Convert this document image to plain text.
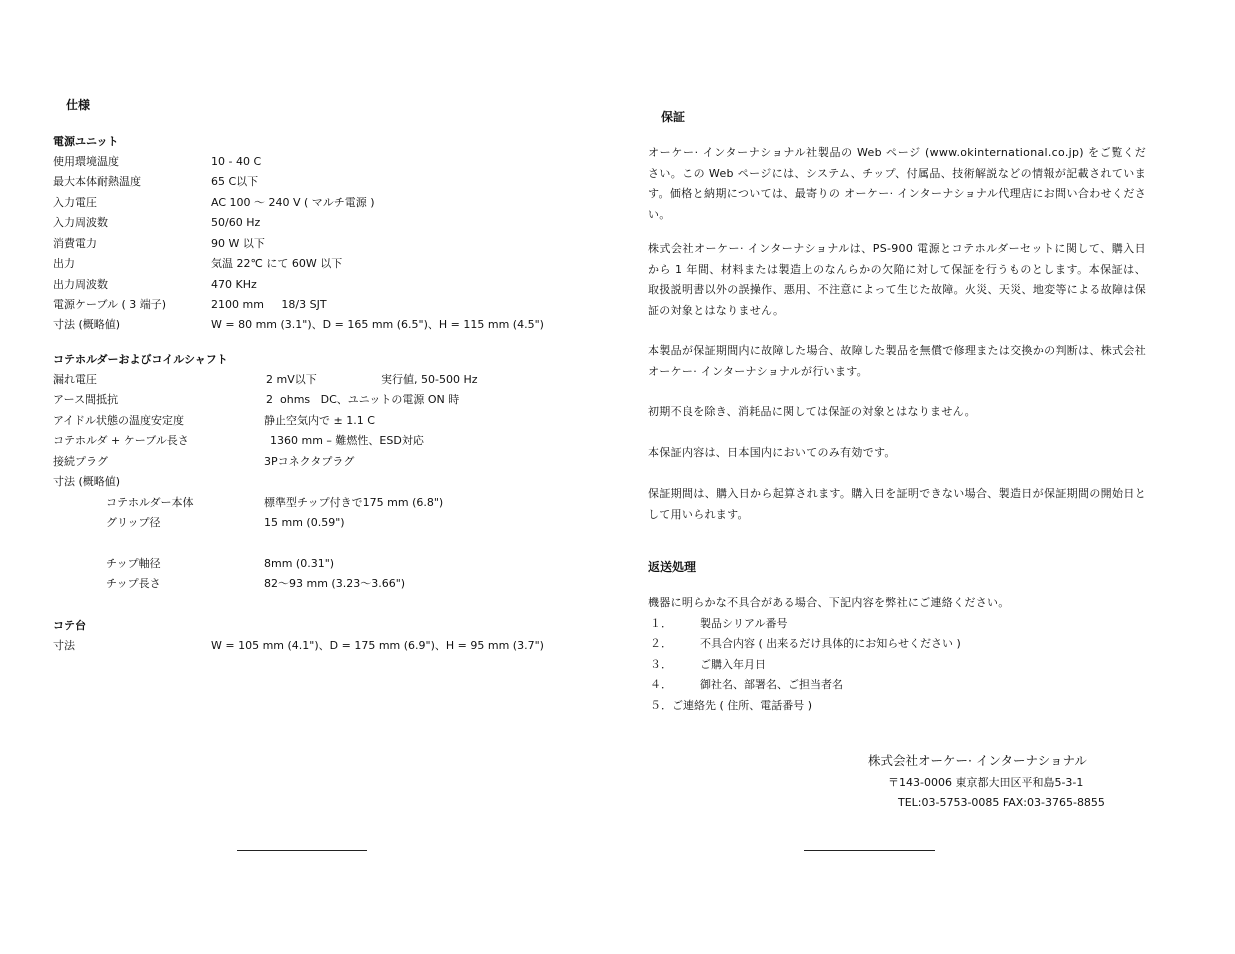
仕様
電源ユニット
使用環境温度	10 - 40 C
最大本体耐熱温度	65 C以下
入力電圧	AC 100 ～ 240 V ( マルチ電源 )
入力周波数	50/60 Hz
消費電力	90 W 以下
出力	気温 22℃ にて 60W 以下
出力周波数	470 KHz
電源ケーブル ( 3 端子)	2100 mm     18/3 SJT
寸法 (概略値)	W = 80 mm (3.1")、D = 165 mm (6.5")、H = 115 mm (4.5")
コテホルダーおよびコイルシャフト
漏れ電圧	2 mV以下	実行値, 50-500 Hz
アース間抵抗	2  ohms   DC、ユニットの電源 ON 時
アイドル状態の温度安定度	静止空気内で ± 1.1 C
コテホルダ + ケーブル長さ	1360 mm – 難燃性、ESD対応
接続プラグ	3Pコネクタプラグ
寸法 (概略値)
コテホルダー本体	標準型チップ付きで175 mm (6.8")
グリップ径	15 mm (0.59")
チップ軸径	8mm (0.31")
チップ長さ	82～93 mm (3.23～3.66")
コテ台
寸法	W = 105 mm (4.1")、D = 175 mm (6.9")、H = 95 mm (3.7")
保証
オーケー· インターナショナル社製品の Web ページ (www.okinternational.co.jp) をご覧ください。この Web ページには、システム、チップ、付属品、技術解説などの情報が記載されています。価格と納期については、最寄りの オーケー· インターナショナル代理店にお問い合わせください。
株式会社オーケー· インターナショナルは、PS-900 電源とコテホルダーセットに関して、購入日から 1 年間、材料または製造上のなんらかの欠陥に対して保証を行うものとします。本保証は、取扱説明書以外の誤操作、悪用、不注意によって生じた故障。火災、天災、地変等による故障は保証の対象とはなりません。
本製品が保証期間内に故障した場合、故障した製品を無償で修理または交換かの判断は、株式会社オーケー· インターナショナルが行います。
初期不良を除き、消耗品に関しては保証の対象とはなりません。
本保証内容は、日本国内においてのみ有効です。
保証期間は、購入日から起算されます。購入日を証明できない場合、製造日が保証期間の開始日として用いられます。
返送処理
機器に明らかな不具合がある場合、下記内容を弊社にご連絡ください。
１．	製品シリアル番号
２．	不具合内容 ( 出来るだけ具体的にお知らせください )
３．	ご購入年月日
４．	御社名、部署名、ご担当者名
５．ご連絡先 ( 住所、電話番号 )
株式会社オーケー· インターナショナル
〒143-0006 東京都大田区平和島5-3-1
TEL:03-5753-0085 FAX:03-3765-8855
